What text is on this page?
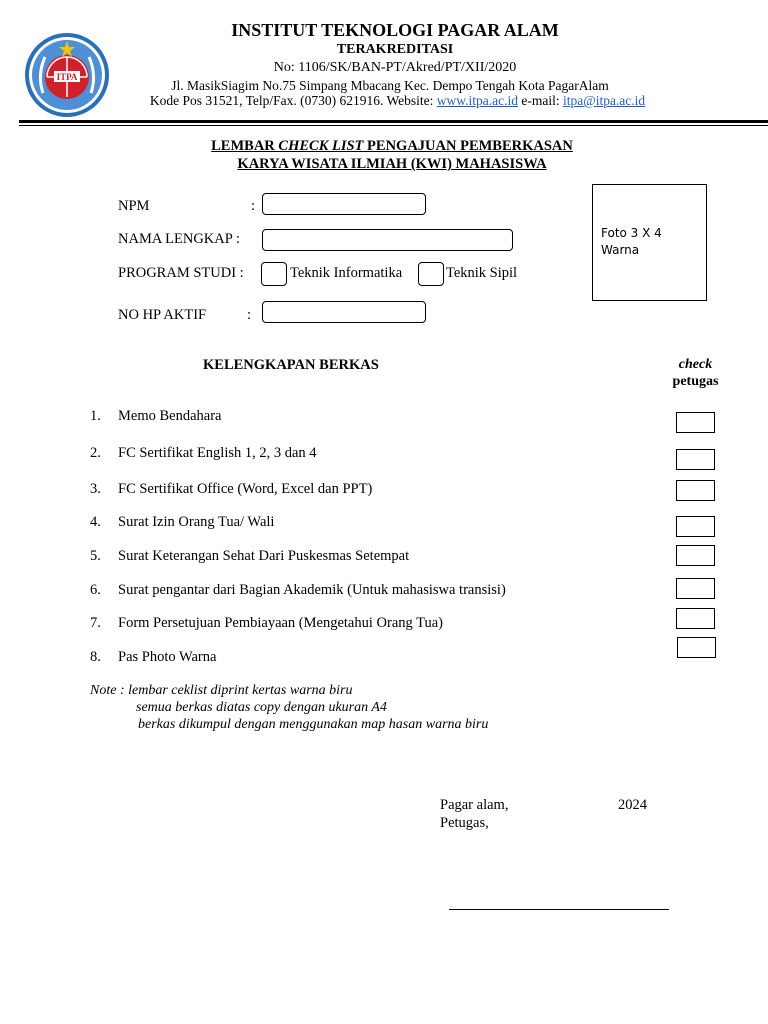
ITPA
INSTITUT TEKNOLOGI PAGAR ALAM
TERAKREDITASI
No: 1106/SK/BAN-PT/Akred/PT/XII/2020
Jl. MasikSiagim No.75 Simpang Mbacang Kec. Dempo Tengah Kota PagarAlam
Kode Pos 31521, Telp/Fax. (0730) 621916. Website: www.itpa.ac.id e-mail: itpa@itpa.ac.id
LEMBAR CHECK LIST PENGAJUAN PEMBERKASAN
KARYA WISATA ILMIAH (KWI) MAHASISWA
NPM	:
NAMA LENGKAP :
PROGRAM STUDI :	Teknik Informatika	Teknik Sipil
NO HP AKTIF	:
Foto 3 X 4
Warna
KELENGKAPAN BERKAS	check
petugas
1. Memo Bendahara
2. FC Sertifikat English 1, 2, 3 dan 4
3. FC Sertifikat Office (Word, Excel dan PPT)
4. Surat Izin Orang Tua/ Wali
5. Surat Keterangan Sehat Dari Puskesmas Setempat
6. Surat pengantar dari Bagian Akademik (Untuk mahasiswa transisi)
7. Form Persetujuan Pembiayaan (Mengetahui Orang Tua)
8. Pas Photo Warna
Note : lembar ceklist diprint kertas warna biru
semua berkas diatas copy dengan ukuran A4
berkas dikumpul dengan menggunakan map hasan warna biru
Pagar alam,	2024
Petugas,
